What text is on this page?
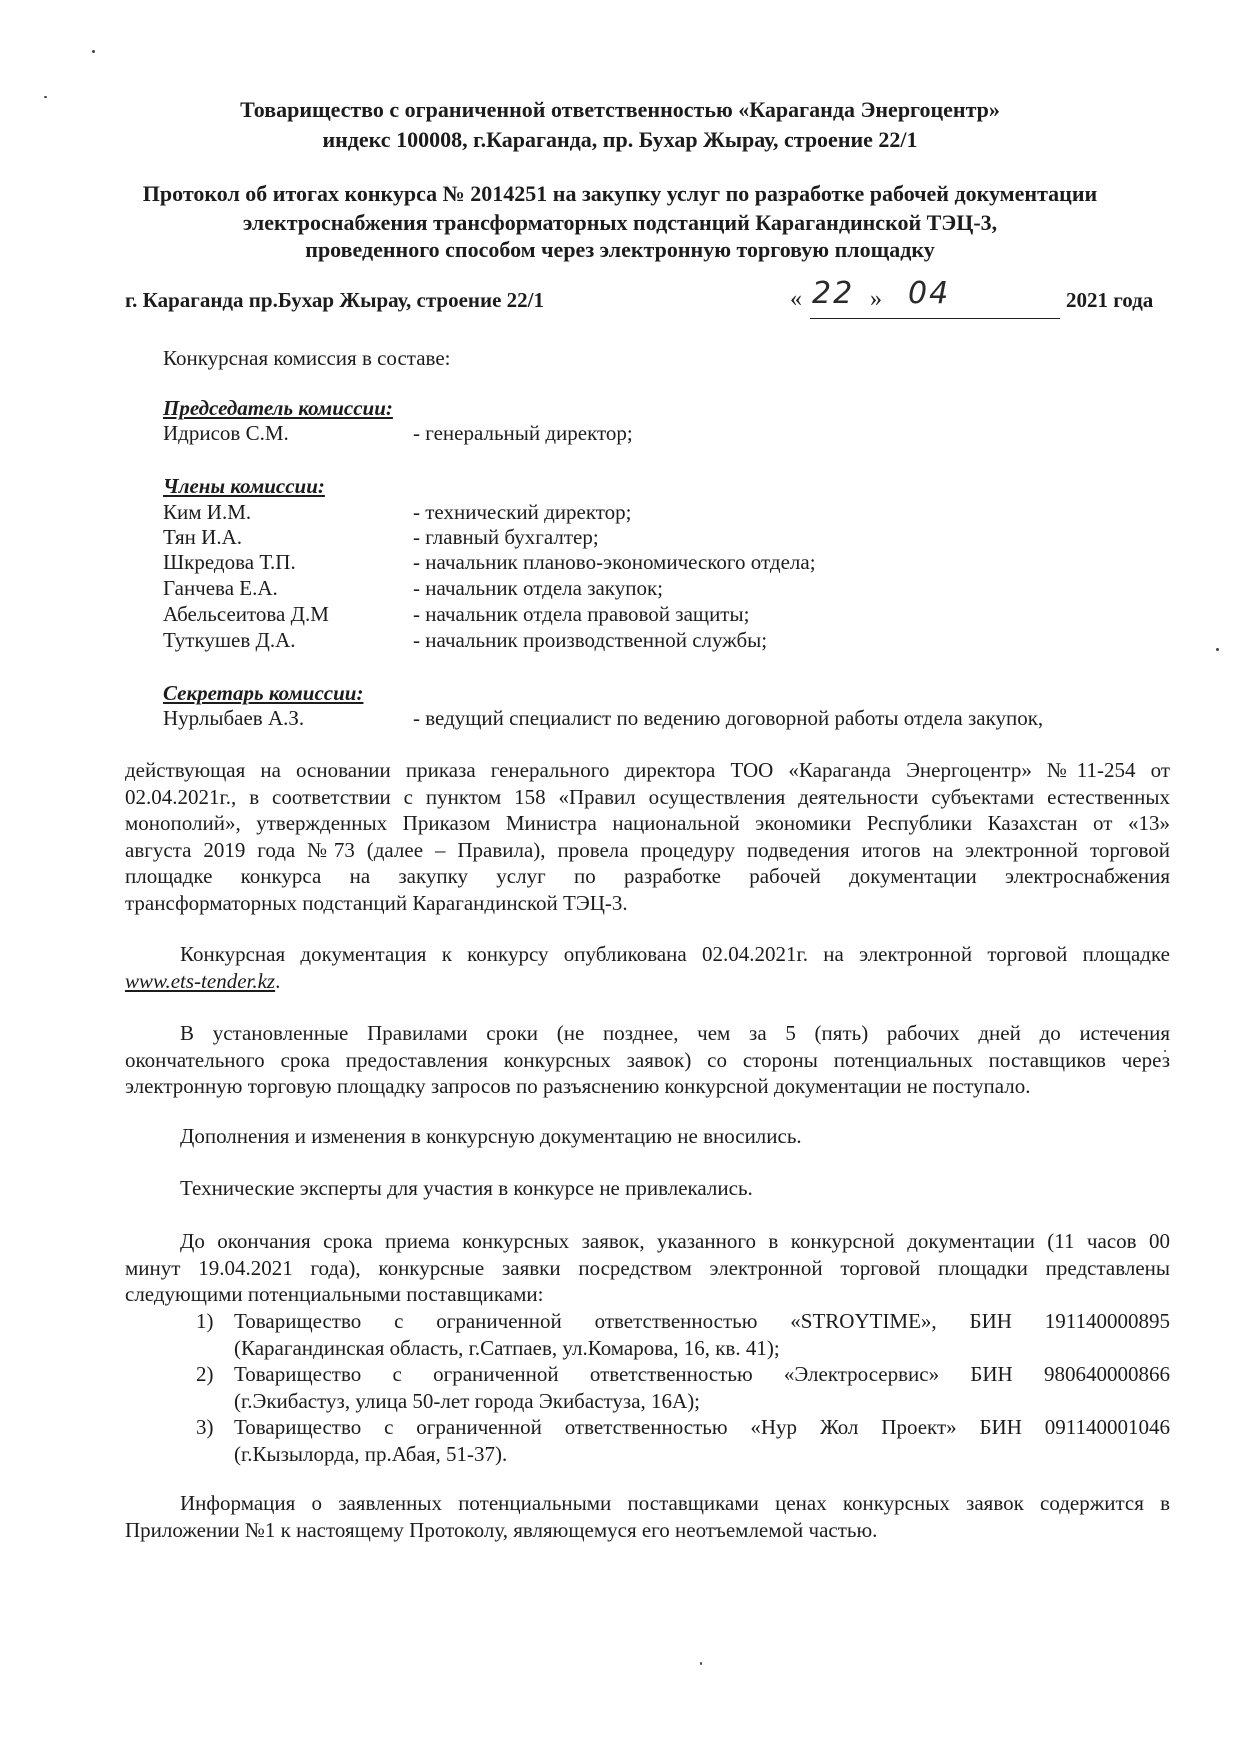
Товарищество с ограниченной ответственностью «Караганда Энергоцентр»
индекс 100008, г.Караганда, пр. Бухар Жырау, строение 22/1
Протокол об итогах конкурса № 2014251 на закупку услуг по разработке рабочей документации
электроснабжения трансформаторных подстанций Карагандинской ТЭЦ-3,
проведенного способом через электронную торговую площадку
г. Караганда пр.Бухар Жырау, строение 22/1	« 22 » 04	2021 года
Конкурсная комиссия в составе:
Председатель комиссии:
Идрисов С.М.	- генеральный директор;
Члены комиссии:
Ким И.М.	- технический директор;
Тян И.А.	- главный бухгалтер;
Шкредова Т.П.	- начальник планово-экономического отдела;
Ганчева Е.А.	- начальник отдела закупок;
Абельсеитова Д.М	- начальник отдела правовой защиты;
Туткушев Д.А.	- начальник производственной службы;
Секретарь комиссии:
Нурлыбаев А.З.	- ведущий специалист по ведению договорной работы отдела закупок,
действующая на основании приказа генерального директора ТОО «Караганда Энергоцентр» №11-254 от
02.04.2021г., в соответствии с пунктом 158 «Правил осуществления деятельности субъектами естественных
монополий», утвержденных Приказом Министра национальной экономики Республики Казахстан от «13»
августа 2019 года №73 (далее – Правила), провела процедуру подведения итогов на электронной торговой
площадке конкурса на закупку услуг по разработке рабочей документации электроснабжения
трансформаторных подстанций Карагандинской ТЭЦ-3.
Конкурсная документация к конкурсу опубликована 02.04.2021г. на электронной торговой площадке
www.ets-tender.kz.
В установленные Правилами сроки (не позднее, чем за 5 (пять) рабочих дней до истечения
окончательного срока предоставления конкурсных заявок) со стороны потенциальных поставщиков через
электронную торговую площадку запросов по разъяснению конкурсной документации не поступало.
Дополнения и изменения в конкурсную документацию не вносились.
Технические эксперты для участия в конкурсе не привлекались.
До окончания срока приема конкурсных заявок, указанного в конкурсной документации (11 часов 00
минут 19.04.2021 года), конкурсные заявки посредством электронной торговой площадки представлены
следующими потенциальными поставщиками:
1) Товарищество с ограниченной ответственностью «STROYTIME», БИН 191140000895
(Карагандинская область, г.Сатпаев, ул.Комарова, 16, кв. 41);
2) Товарищество с ограниченной ответственностью «Электросервис» БИН 980640000866
(г.Экибастуз, улица 50-лет города Экибастуза, 16А);
3) Товарищество с ограниченной ответственностью «Нур Жол Проект» БИН 091140001046
(г.Кызылорда, пр.Абая, 51-37).
Информация о заявленных потенциальными поставщиками ценах конкурсных заявок содержится в
Приложении №1 к настоящему Протоколу, являющемуся его неотъемлемой частью.
